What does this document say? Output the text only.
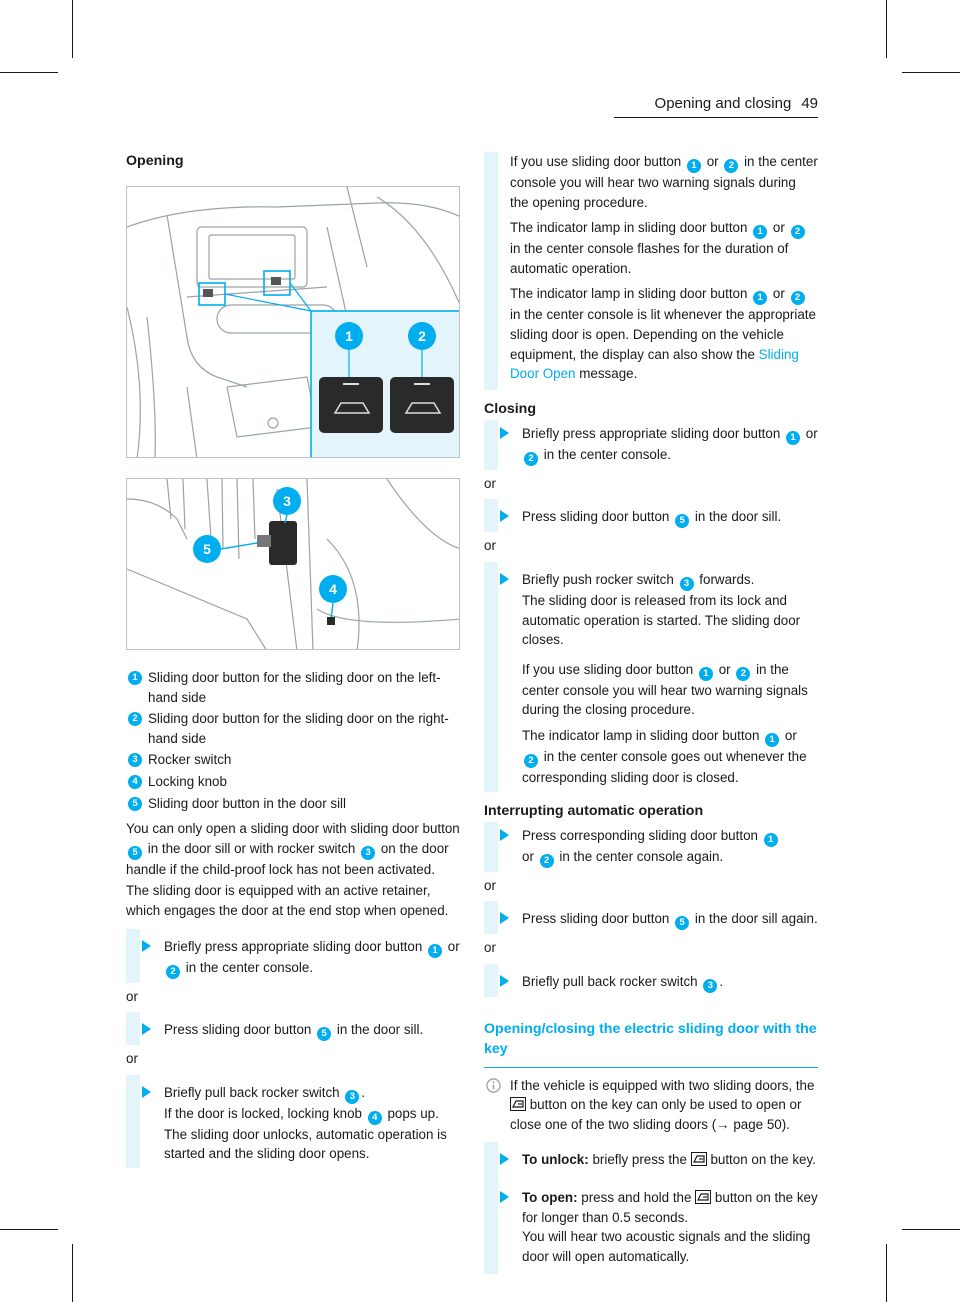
Opening and closing 49
Opening
1	2
3
5
4
1 Sliding door button for the sliding door on the left-hand side
2 Sliding door button for the sliding door on the right-hand side
3 Rocker switch
4 Locking knob
5 Sliding door button in the door sill

You can only open a sliding door with sliding door button 5 in the door sill or with rocker switch 3 on the door handle if the child-proof lock has not been activated.

The sliding door is equipped with an active retainer, which engages the door at the end stop when opened.

Briefly press appropriate sliding door button 1 or 2 in the center console.

or

Press sliding door button 5 in the door sill.

or

Briefly pull back rocker switch 3 .
If the door is locked, locking knob 4 pops up. The sliding door unlocks, automatic operation is started and the sliding door opens.

If you use sliding door button 1 or 2 in the center console you will hear two warning signals during the opening procedure.

The indicator lamp in sliding door button 1 or 2 in the center console flashes for the duration of automatic operation.

The indicator lamp in sliding door button 1 or 2 in the center console is lit whenever the appropriate sliding door is open. Depending on the vehicle equipment, the display can also show the Sliding Door Open message.

Closing
Briefly press appropriate sliding door button 1 or 2 in the center console.

or

Press sliding door button 5 in the door sill.

or

Briefly push rocker switch 3 forwards.
The sliding door is released from its lock and automatic operation is started. The sliding door closes.

If you use sliding door button 1 or 2 in the center console you will hear two warning signals during the closing procedure.

The indicator lamp in sliding door button 1 or 2 in the center console goes out whenever the corresponding sliding door is closed.

Interrupting automatic operation
Press corresponding sliding door button 1
or 2 in the center console again.

or

Press sliding door button 5 in the door sill again.

or

Briefly pull back rocker switch 3 .
Opening/closing the electric sliding door with the key
If the vehicle is equipped with two sliding doors, the  button on the key can only be used to open or close one of the two sliding doors (→ page 50).
To unlock: briefly press the button on the key.
To open: press and hold the button on the key for longer than 0.5 seconds.
You will hear two acoustic signals and the sliding door will open automatically.
